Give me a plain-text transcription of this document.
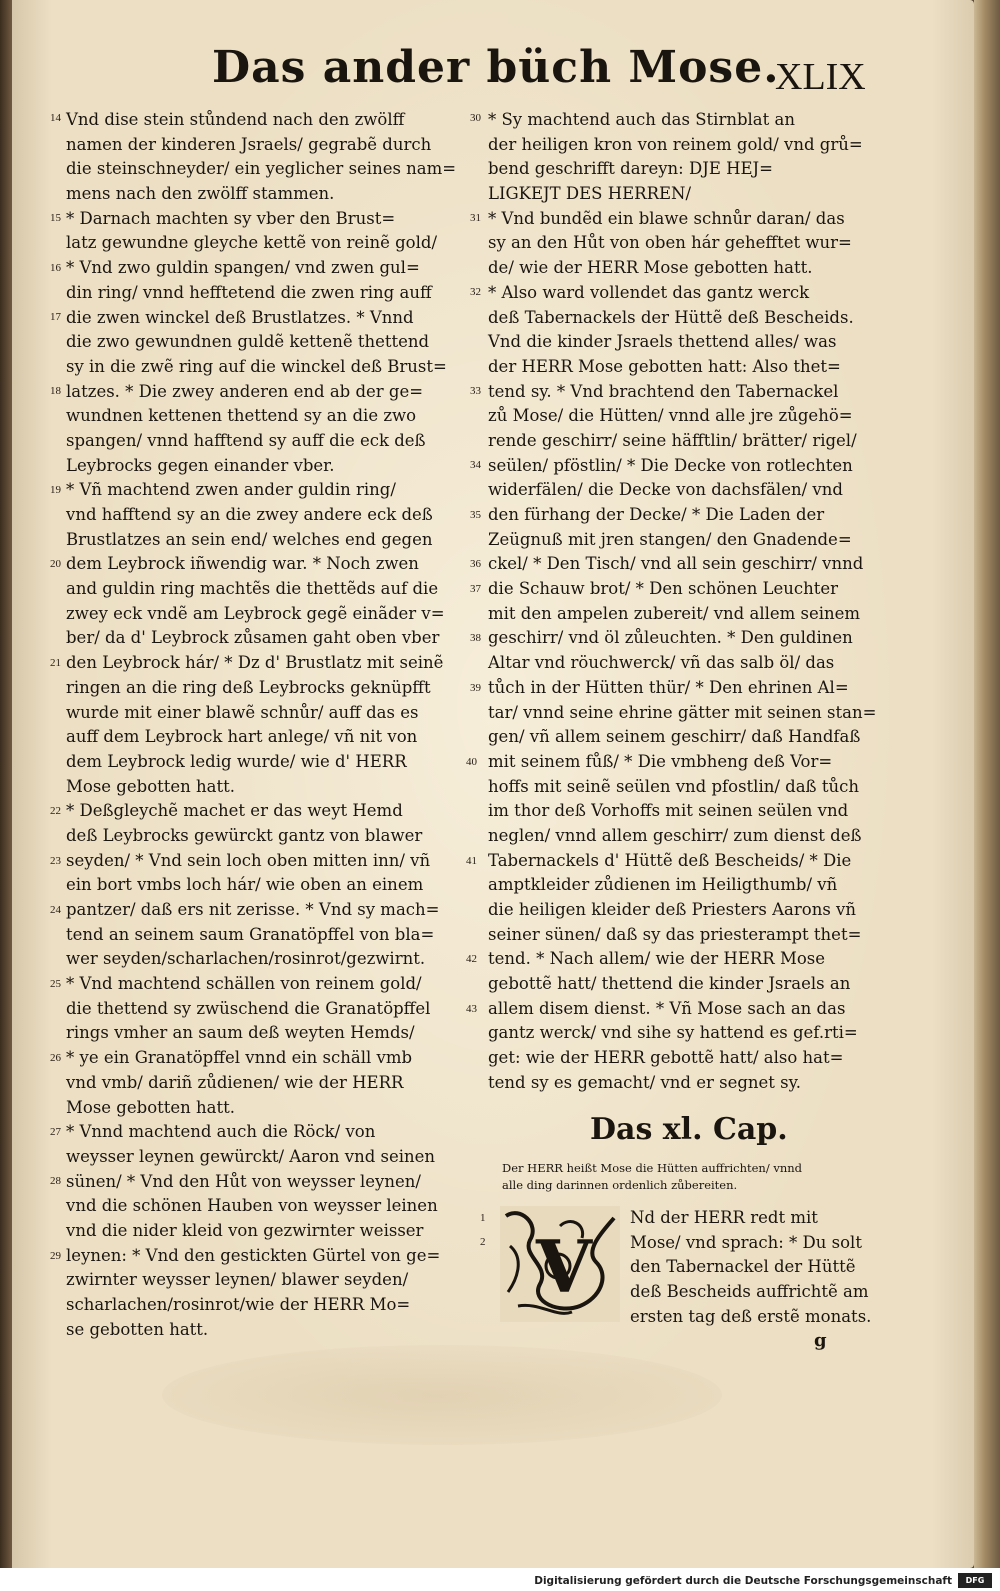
Das ander büch Mose.
XLIX
Vnd dise stein stůndend nach den zwölff
namen der kinderen Jsraels/ gegrabẽ durch
die steinschneyder/ ein yeglicher seines nam=
mens nach den zwölff stammen.
* Darnach machten sy vber den Brust=
latz gewundne gleyche kettẽ von reinẽ gold/
* Vnd zwo guldin spangen/ vnd zwen gul=
din ring/ vnnd hefftetend die zwen ring auff
die zwen winckel deß Brustlatzes. * Vnnd
die zwo gewundnen guldẽ kettenẽ thettend
sy in die zwẽ ring auf die winckel deß Brust=
latzes. * Die zwey anderen end ab der ge=
wundnen kettenen thettend sy an die zwo
spangen/ vnnd hafftend sy auff die eck deß
Leybrocks gegen einander vber.
* Vñ machtend zwen ander guldin ring/
vnd hafftend sy an die zwey andere eck deß
Brustlatzes an sein end/ welches end gegen
dem Leybrock iñwendig war. * Noch zwen
and guldin ring machtẽs die thettẽds auf die
zwey eck vndẽ am Leybrock gegẽ einãder v=
ber/ da d' Leybrock zůsamen gaht oben vber
den Leybrock hár/ * Dz d' Brustlatz mit seinẽ
ringen an die ring deß Leybrocks geknüpfft
wurde mit einer blawẽ schnůr/ auff das es
auff dem Leybrock hart anlege/ vñ nit von
dem Leybrock ledig wurde/ wie d' HERR
Mose gebotten hatt.
* Deßgleychẽ machet er das weyt Hemd
deß Leybrocks gewürckt gantz von blawer
seyden/ * Vnd sein loch oben mitten inn/ vñ
ein bort vmbs loch hár/ wie oben an einem
pantzer/ daß ers nit zerisse. * Vnd sy mach=
tend an seinem saum Granatöpffel von bla=
wer seyden/scharlachen/rosinrot/gezwirnt.
* Vnd machtend schällen von reinem gold/
die thettend sy zwüschend die Granatöpffel
rings vmher an saum deß weyten Hemds/
* ye ein Granatöpffel vnnd ein schäll vmb
vnd vmb/ dariñ zůdienen/ wie der HERR
Mose gebotten hatt.
* Vnnd machtend auch die Röck/ von
weysser leynen gewürckt/ Aaron vnd seinen
sünen/ * Vnd den Hůt von weysser leynen/
vnd die schönen Hauben von weysser leinen
vnd die nider kleid von gezwirnter weisser
leynen: * Vnd den gestickten Gürtel von ge=
zwirnter weysser leynen/ blawer seyden/
scharlachen/rosinrot/wie der HERR Mo=
se gebotten hatt.
* Sy machtend auch das Stirnblat an
der heiligen kron von reinem gold/ vnd grů=
bend geschrifft dareyn: DJE HEJ=
LIGKEJT DES HERREN/
* Vnd bundẽd ein blawe schnůr daran/ das
sy an den Hůt von oben hár gehefftet wur=
de/ wie der HERR Mose gebotten hatt.
* Also ward vollendet das gantz werck
deß Tabernackels der Hüttẽ deß Bescheids.
Vnd die kinder Jsraels thettend alles/ was
der HERR Mose gebotten hatt: Also thet=
tend sy. * Vnd brachtend den Tabernackel
zů Mose/ die Hütten/ vnnd alle jre zůgehö=
rende geschirr/ seine häfftlin/ brätter/ rigel/
seülen/ pföstlin/ * Die Decke von rotlechten
widerfälen/ die Decke von dachsfälen/ vnd
den fürhang der Decke/ * Die Laden der
Zeügnuß mit jren stangen/ den Gnadende=
ckel/ * Den Tisch/ vnd all sein geschirr/ vnnd
die Schauw brot/ * Den schönen Leuchter
mit den ampelen zubereit/ vnd allem seinem
geschirr/ vnd öl zůleuchten. * Den guldinen
Altar vnd röuchwerck/ vñ das salb öl/ das
tůch in der Hütten thür/ * Den ehrinen Al=
tar/ vnnd seine ehrine gätter mit seinen stan=
gen/ vñ allem seinem geschirr/ daß Handfaß
mit seinem fůß/ * Die vmbheng deß Vor=
hoffs mit seinẽ seülen vnd pfostlin/ daß tůch
im thor deß Vorhoffs mit seinen seülen vnd
neglen/ vnnd allem geschirr/ zum dienst deß
Tabernackels d' Hüttẽ deß Bescheids/ * Die
amptkleider zůdienen im Heiligthumb/ vñ
die heiligen kleider deß Priesters Aarons vñ
seiner sünen/ daß sy das priesterampt thet=
tend. * Nach allem/ wie der HERR Mose
gebottẽ hatt/ thettend die kinder Jsraels an
allem disem dienst. * Vñ Mose sach an das
gantz werck/ vnd sihe sy hattend es gef.rti=
get: wie der HERR gebottẽ hatt/ also hat=
tend sy es gemacht/ vnd er segnet sy.
14
15
16
17
18
19
20
21
22
23
24
25
26
27
28
29
30
31
32
33
34
35
36
37
38
39
40
41
42
43
Das xl. Cap.
Der HERR heißt Mose die Hütten auffrichten/ vnnd
alle ding darinnen ordenlich zůbereiten.
1
2 V
Nd der HERR redt mit
Mose/ vnd sprach: * Du solt
den Tabernackel der Hüttẽ
deß Bescheids auffrichtẽ am
ersten tag deß erstẽ monats.
g
Digitalisierung gefördert durch die Deutsche Forschungsgemeinschaft	DFG
